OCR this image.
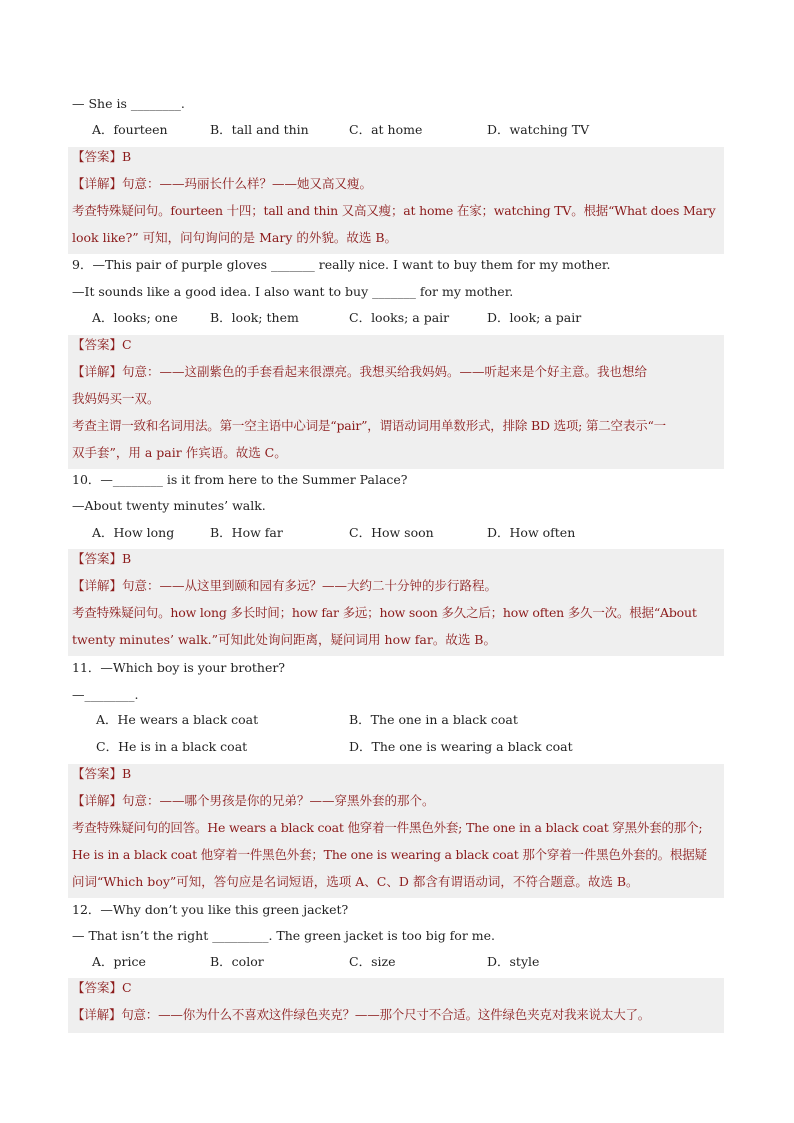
— She is ________.
A．fourteen	B．tall and thin	C．at home	D．watching TV
【答案】B
【详解】句意：——玛丽长什么样？——她又高又瘦。
考查特殊疑问句。fourteen 十四；tall and thin 又高又瘦；at home 在家；watching TV。根据“What does Mary
look like?” 可知，问句询问的是 Mary 的外貌。故选 B。
9．—This pair of purple gloves _______ really nice. I want to buy them for my mother.
—It sounds like a good idea. I also want to buy _______ for my mother.
A．looks; one	B．look; them	C．looks; a pair	D．look; a pair
【答案】C
【详解】句意：——这副紫色的手套看起来很漂亮。我想买给我妈妈。——听起来是个好主意。我也想给
我妈妈买一双。
考查主谓一致和名词用法。第一空主语中心词是“pair”，谓语动词用单数形式，排除 BD 选项; 第二空表示“一
双手套”，用 a pair 作宾语。故选 C。
10．—________ is it from here to the Summer Palace?
—About twenty minutes’ walk.
A．How long	B．How far	C．How soon	D．How often
【答案】B
【详解】句意：——从这里到颐和园有多远？——大约二十分钟的步行路程。
考查特殊疑问句。how long 多长时间；how far 多远；how soon 多久之后；how often 多久一次。根据“About
twenty minutes’ walk.”可知此处询问距离，疑问词用 how far。故选 B。
11．—Which boy is your brother?
—________.
A．He wears a black coat	B．The one in a black coat
C．He is in a black coat	D．The one is wearing a black coat
【答案】B
【详解】句意：——哪个男孩是你的兄弟？——穿黑外套的那个。
考查特殊疑问句的回答。He wears a black coat 他穿着一件黑色外套; The one in a black coat 穿黑外套的那个;
He is in a black coat 他穿着一件黑色外套；The one is wearing a black coat 那个穿着一件黑色外套的。根据疑
问词“Which boy”可知，答句应是名词短语，选项 A、C、D 都含有谓语动词，不符合题意。故选 B。
12．—Why don’t you like this green jacket?
— That isn’t the right _________. The green jacket is too big for me.
A．price	B．color	C．size	D．style
【答案】C
【详解】句意：——你为什么不喜欢这件绿色夹克？——那个尺寸不合适。这件绿色夹克对我来说太大了。
